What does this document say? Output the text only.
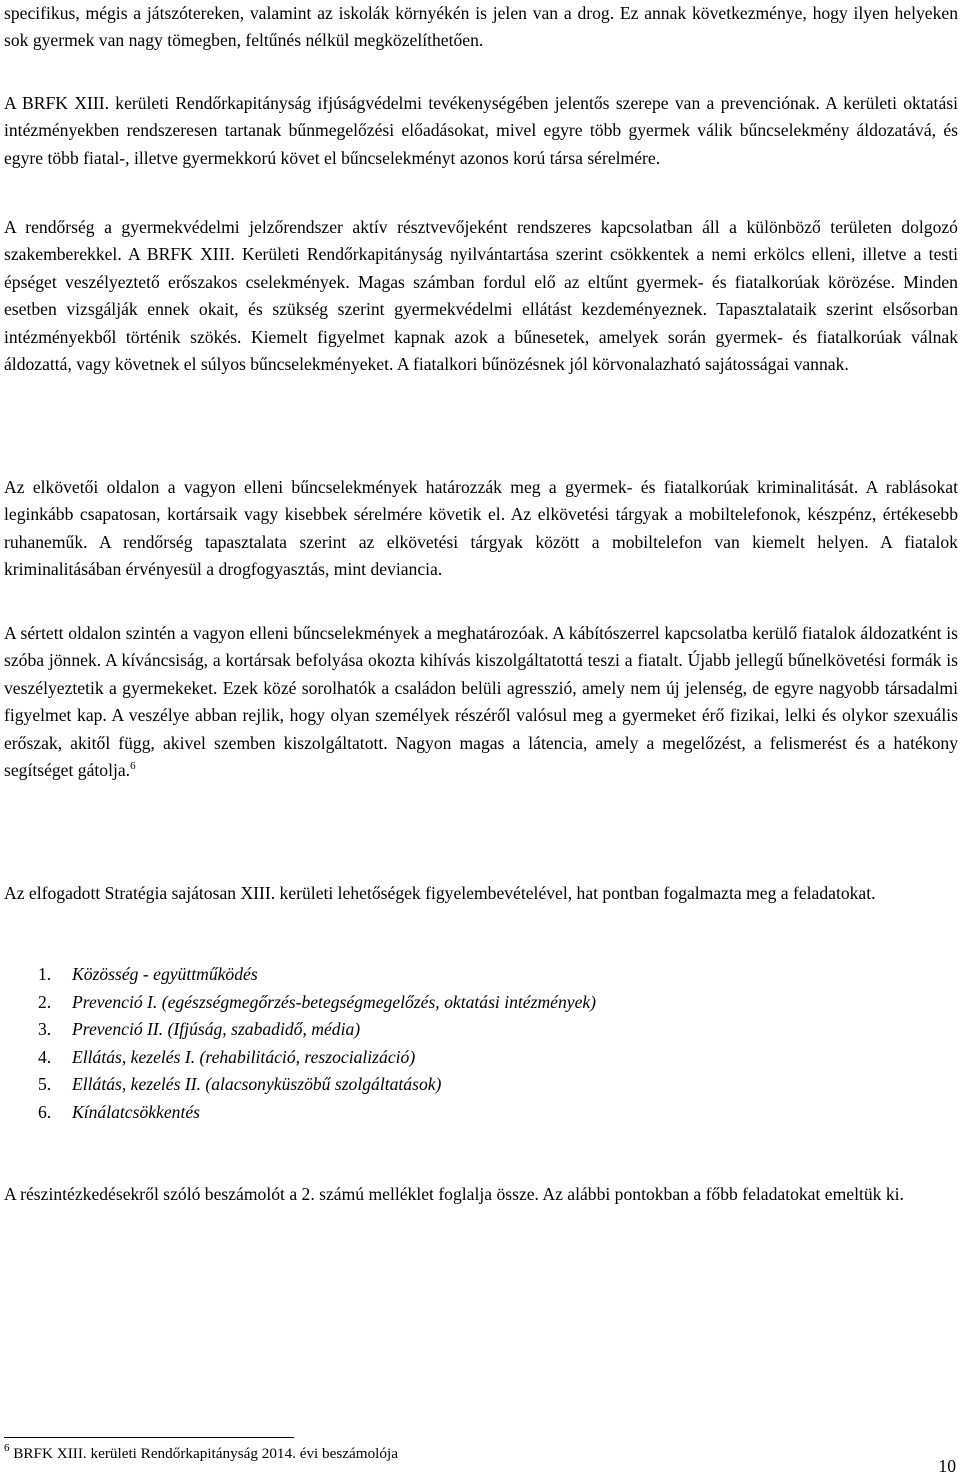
specifikus, mégis a játszótereken, valamint az iskolák környékén is jelen van a drog. Ez annak következménye, hogy ilyen helyeken sok gyermek van nagy tömegben, feltűnés nélkül megközelíthetően.

A BRFK XIII. kerületi Rendőrkapitányság ifjúságvédelmi tevékenységében jelentős szerepe van a prevenciónak. A kerületi oktatási intézményekben rendszeresen tartanak bűnmegelőzési előadásokat, mivel egyre több gyermek válik bűncselekmény áldozatává, és egyre több fiatal-, illetve gyermekkorú követ el bűncselekményt azonos korú társa sérelmére.

A rendőrség a gyermekvédelmi jelzőrendszer aktív résztvevőjeként rendszeres kapcsolatban áll a különböző területen dolgozó szakemberekkel. A BRFK XIII. Kerületi Rendőrkapitányság nyilvántartása szerint csökkentek a nemi erkölcs elleni, illetve a testi épséget veszélyeztető erőszakos cselekmények. Magas számban fordul elő az eltűnt gyermek- és fiatalkorúak körözése. Minden esetben vizsgálják ennek okait, és szükség szerint gyermekvédelmi ellátást kezdeményeznek. Tapasztalataik szerint elsősorban intézményekből történik szökés. Kiemelt figyelmet kapnak azok a bűnesetek, amelyek során gyermek- és fiatalkorúak válnak áldozattá, vagy követnek el súlyos bűncselekményeket. A fiatalkori bűnözésnek jól körvonalazható sajátosságai vannak.

Az elkövetői oldalon a vagyon elleni bűncselekmények határozzák meg a gyermek- és fiatalkorúak kriminalitását. A rablásokat leginkább csapatosan, kortársaik vagy kisebbek sérelmére követik el. Az elkövetési tárgyak a mobiltelefonok, készpénz, értékesebb ruhaneműk. A rendőrség tapasztalata szerint az elkövetési tárgyak között a mobiltelefon van kiemelt helyen. A fiatalok kriminalitásában érvényesül a drogfogyasztás, mint deviancia.

A sértett oldalon szintén a vagyon elleni bűncselekmények a meghatározóak. A kábítószerrel kapcsolatba kerülő fiatalok áldozatként is szóba jönnek. A kíváncsiság, a kortársak befolyása okozta kihívás kiszolgáltatottá teszi a fiatalt. Újabb jellegű bűnelkövetési formák is veszélyeztetik a gyermekeket. Ezek közé sorolhatók a családon belüli agresszió, amely nem új jelenség, de egyre nagyobb társadalmi figyelmet kap. A veszélye abban rejlik, hogy olyan személyek részéről valósul meg a gyermeket érő fizikai, lelki és olykor szexuális erőszak, akitől függ, akivel szemben kiszolgáltatott. Nagyon magas a látencia, amely a megelőzést, a felismerést és a hatékony segítséget gátolja.$^6$

Az elfogadott Stratégia sajátosan XIII. kerületi lehetőségek figyelembevételével, hat pontban fogalmazta meg a feladatokat.

1. Közösség - együttműködés
2. Prevenció I. (egészségmegőrzés-betegségmegelőzés, oktatási intézmények)
3. Prevenció II. (Ifjúság, szabadidő, média)
4. Ellátás, kezelés I. (rehabilitáció, reszocializáció)
5. Ellátás, kezelés II. (alacsonyküszöbű szolgáltatások)
6. Kínálatcsökkentés

A részintézkedésekről szóló beszámolót a 2. számú melléklet foglalja össze. Az alábbi pontokban a főbb feladatokat emeltük ki.

$^6$ BRFK XIII. kerületi Rendőrkapitányság 2014. évi beszámolója
10
